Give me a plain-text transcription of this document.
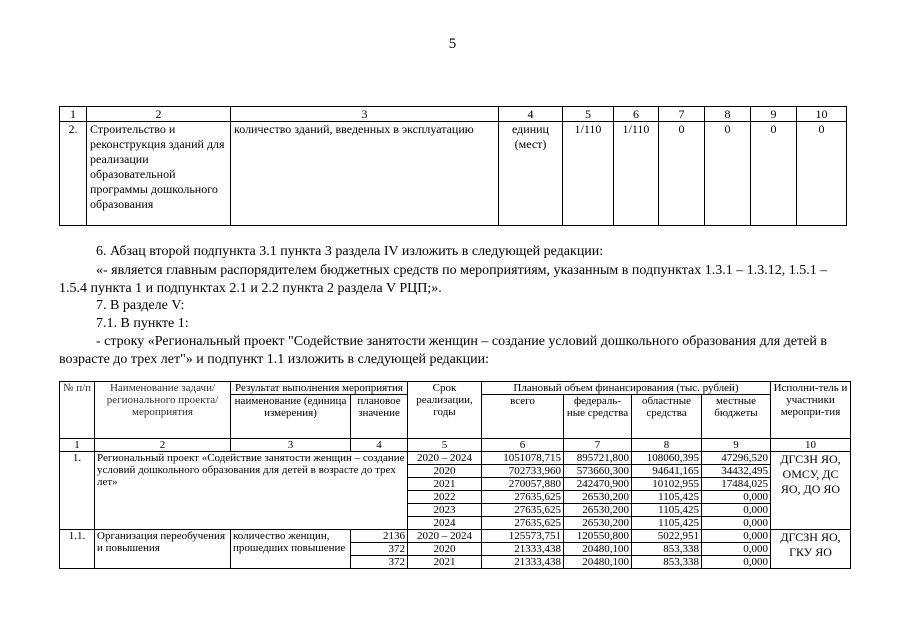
5
1	2	3	4	5	6	7	8	9	10
2.	Строительство и реконструкция зданий для реализации образовательной программы дошкольного образования	количество зданий, введенных в эксплуатацию	единиц (мест)	1/110	1/110	0	0	0	0
6. Абзац второй подпункта 3.1 пункта 3 раздела IV изложить в следующей редакции:
«- является главным распорядителем бюджетных средств по мероприятиям, указанным в подпунктах 1.3.1 – 1.3.12, 1.5.1 – 1.5.4 пункта 1 и подпунктах 2.1 и 2.2 пункта 2 раздела V РЦП;».
7. В разделе V:
7.1. В пункте 1:
- строку «Региональный проект "Содействие занятости женщин – создание условий дошкольного образования для детей в возрасте до трех лет"» и подпункт 1.1 изложить в следующей редакции:
№ п/п	Наименование задачи/ регионального проекта/ мероприятия	Результат выполнения мероприятия		Срок реализации, годы	Плановый объем финансирования (тыс. рублей)				Исполни-тель и участники меропри-тия
		наименование (единица измерения)	плановое значение		всего	федераль-ные средства	областные средства	местные бюджеты	
1	2	3	4	5	6	7	8	9	10
1.	Региональный проект «Содействие занятости женщин – создание условий дошкольного образования для детей в возрасте до трех лет»			2020 – 2024	1051078,715	895721,800	108060,395	47296,520	ДГСЗН ЯО, ОМСУ, ДС ЯО, ДО ЯО
				2020	702733,960	573660,300	94641,165	34432,495	
				2021	270057,880	242470,900	10102,955	17484,025	
				2022	27635,625	26530,200	1105,425	0,000	
				2023	27635,625	26530,200	1105,425	0,000	
				2024	27635,625	26530,200	1105,425	0,000	
1.1.	Организация переобучения и повышения	количество женщин, прошедших повышение	2136	2020 – 2024	125573,751	120550,800	5022,951	0,000	ДГСЗН ЯО, ГКУ ЯО
			372	2020	21333,438	20480,100	853,338	0,000	
			372	2021	21333,438	20480,100	853,338	0,000	
